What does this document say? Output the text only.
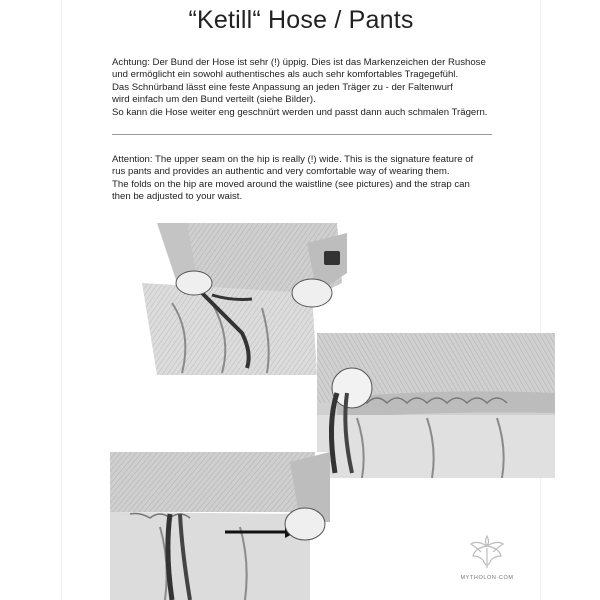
“Ketill“ Hose / Pants
Achtung: Der Bund der Hose ist sehr (!) üppig. Dies ist das Markenzeichen der Rushose
und ermöglicht ein sowohl authentisches als auch sehr komfortables Tragegefühl.
Das Schnürband lässt eine feste Anpassung an jeden Träger zu - der Faltenwurf
wird einfach um den Bund verteilt (siehe Bilder).
So kann die Hose weiter eng geschnürt werden und passt dann auch schmalen Trägern.
Attention: The upper seam on the hip is really (!) wide. This is the signature feature of
rus pants and provides an authentic and very comfortable way of wearing them.
The folds on the hip are moved around the waistline (see pictures) and the strap can
then be adjusted to your waist.
MYTHOLON·COM
